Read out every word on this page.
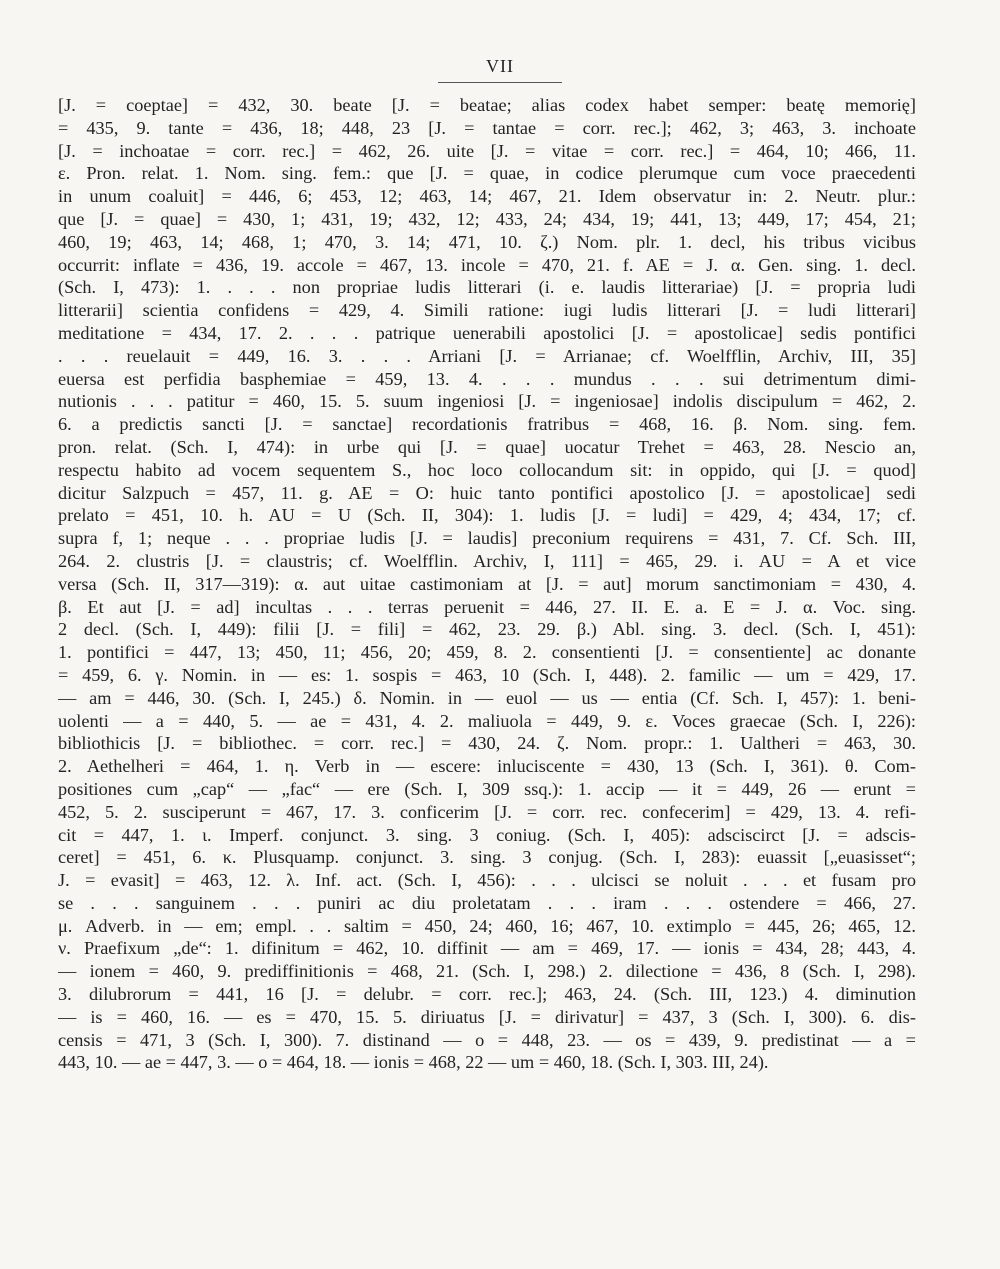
VII
[J. = coeptae] = 432, 30. beate [J. = beatae; alias codex habet semper: beatę memorię]
= 435, 9. tante = 436, 18; 448, 23 [J. = tantae = corr. rec.]; 462, 3; 463, 3. inchoate
[J. = inchoatae = corr. rec.] = 462, 26. uite [J. = vitae = corr. rec.] = 464, 10; 466, 11.
ε. Pron. relat. 1. Nom. sing. fem.: que [J. = quae, in codice plerumque cum voce praecedenti
in unum coaluit] = 446, 6; 453, 12; 463, 14; 467, 21. Idem observatur in: 2. Neutr. plur.:
que [J. = quae] = 430, 1; 431, 19; 432, 12; 433, 24; 434, 19; 441, 13; 449, 17; 454, 21;
460, 19; 463, 14; 468, 1; 470, 3. 14; 471, 10. ζ.) Nom. plr. 1. decl, his tribus vicibus
occurrit: inflate = 436, 19. accole = 467, 13. incole = 470, 21. f. AE = J. α. Gen. sing. 1. decl.
(Sch. I, 473): 1. . . . non propriae ludis litterari (i. e. laudis litterariae) [J. = propria ludi
litterarii] scientia confidens = 429, 4. Simili ratione: iugi ludis litterari [J. = ludi litterari]
meditatione = 434, 17. 2. . . . patrique uenerabili apostolici [J. = apostolicae] sedis pontifici
. . . reuelauit = 449, 16. 3. . . . Arriani [J. = Arrianae; cf. Woelfflin, Archiv, III, 35]
euersa est perfidia basphemiae = 459, 13. 4. . . . mundus . . . sui detrimentum dimi-
nutionis . . . patitur = 460, 15. 5. suum ingeniosi [J. = ingeniosae] indolis discipulum = 462, 2.
6. a predictis sancti [J. = sanctae] recordationis fratribus = 468, 16. β. Nom. sing. fem.
pron. relat. (Sch. I, 474): in urbe qui [J. = quae] uocatur Trehet = 463, 28. Nescio an,
respectu habito ad vocem sequentem S., hoc loco collocandum sit: in oppido, qui [J. = quod]
dicitur Salzpuch = 457, 11. g. AE = O: huic tanto pontifici apostolico [J. = apostolicae] sedi
prelato = 451, 10. h. AU = U (Sch. II, 304): 1. ludis [J. = ludi] = 429, 4; 434, 17; cf.
supra f, 1; neque . . . propriae ludis [J. = laudis] preconium requirens = 431, 7. Cf. Sch. III,
264. 2. clustris [J. = claustris; cf. Woelfflin. Archiv, I, 111] = 465, 29. i. AU = A et vice
versa (Sch. II, 317—319): α. aut uitae castimoniam at [J. = aut] morum sanctimoniam = 430, 4.
β. Et aut [J. = ad] incultas . . . terras peruenit = 446, 27. II. E. a. E = J. α. Voc. sing.
2 decl. (Sch. I, 449): filii [J. = fili] = 462, 23. 29. β.) Abl. sing. 3. decl. (Sch. I, 451):
1. pontifici = 447, 13; 450, 11; 456, 20; 459, 8. 2. consentienti [J. = consentiente] ac donante
= 459, 6. γ. Nomin. in — es: 1. sospis = 463, 10 (Sch. I, 448). 2. familic — um = 429, 17.
— am = 446, 30. (Sch. I, 245.) δ. Nomin. in — euol — us — entia (Cf. Sch. I, 457): 1. beni-
uolenti — a = 440, 5. — ae = 431, 4. 2. maliuola = 449, 9. ε. Voces graecae (Sch. I, 226):
bibliothicis [J. = bibliothec. = corr. rec.] = 430, 24. ζ. Nom. propr.: 1. Ualtheri = 463, 30.
2. Aethelheri = 464, 1. η. Verb in — escere: inluciscente = 430, 13 (Sch. I, 361). θ. Com-
positiones cum „cap“ — „fac“ — ere (Sch. I, 309 ssq.): 1. accip — it = 449, 26 — erunt =
452, 5. 2. susciperunt = 467, 17. 3. conficerim [J. = corr. rec. confecerim] = 429, 13. 4. refi-
cit = 447, 1. ι. Imperf. conjunct. 3. sing. 3 coniug. (Sch. I, 405): adsciscirct [J. = adscis-
ceret] = 451, 6. κ. Plusquamp. conjunct. 3. sing. 3 conjug. (Sch. I, 283): euassit [„euasisset“;
J. = evasit] = 463, 12. λ. Inf. act. (Sch. I, 456): . . . ulcisci se noluit . . . et fusam pro
se . . . sanguinem . . . puniri ac diu proletatam . . . iram . . . ostendere = 466, 27.
μ. Adverb. in — em; empl. . . saltim = 450, 24; 460, 16; 467, 10. extimplo = 445, 26; 465, 12.
ν. Praefixum „de“: 1. difinitum = 462, 10. diffinit — am = 469, 17. — ionis = 434, 28; 443, 4.
— ionem = 460, 9. prediffinitionis = 468, 21. (Sch. I, 298.) 2. dilectione = 436, 8 (Sch. I, 298).
3. dilubrorum = 441, 16 [J. = delubr. = corr. rec.]; 463, 24. (Sch. III, 123.) 4. diminution
— is = 460, 16. — es = 470, 15. 5. diriuatus [J. = dirivatur] = 437, 3 (Sch. I, 300). 6. dis-
censis = 471, 3 (Sch. I, 300). 7. distinand — o = 448, 23. — os = 439, 9. predistinat — a =
443, 10. — ae = 447, 3. — o = 464, 18. — ionis = 468, 22 — um = 460, 18. (Sch. I, 303. III, 24).
